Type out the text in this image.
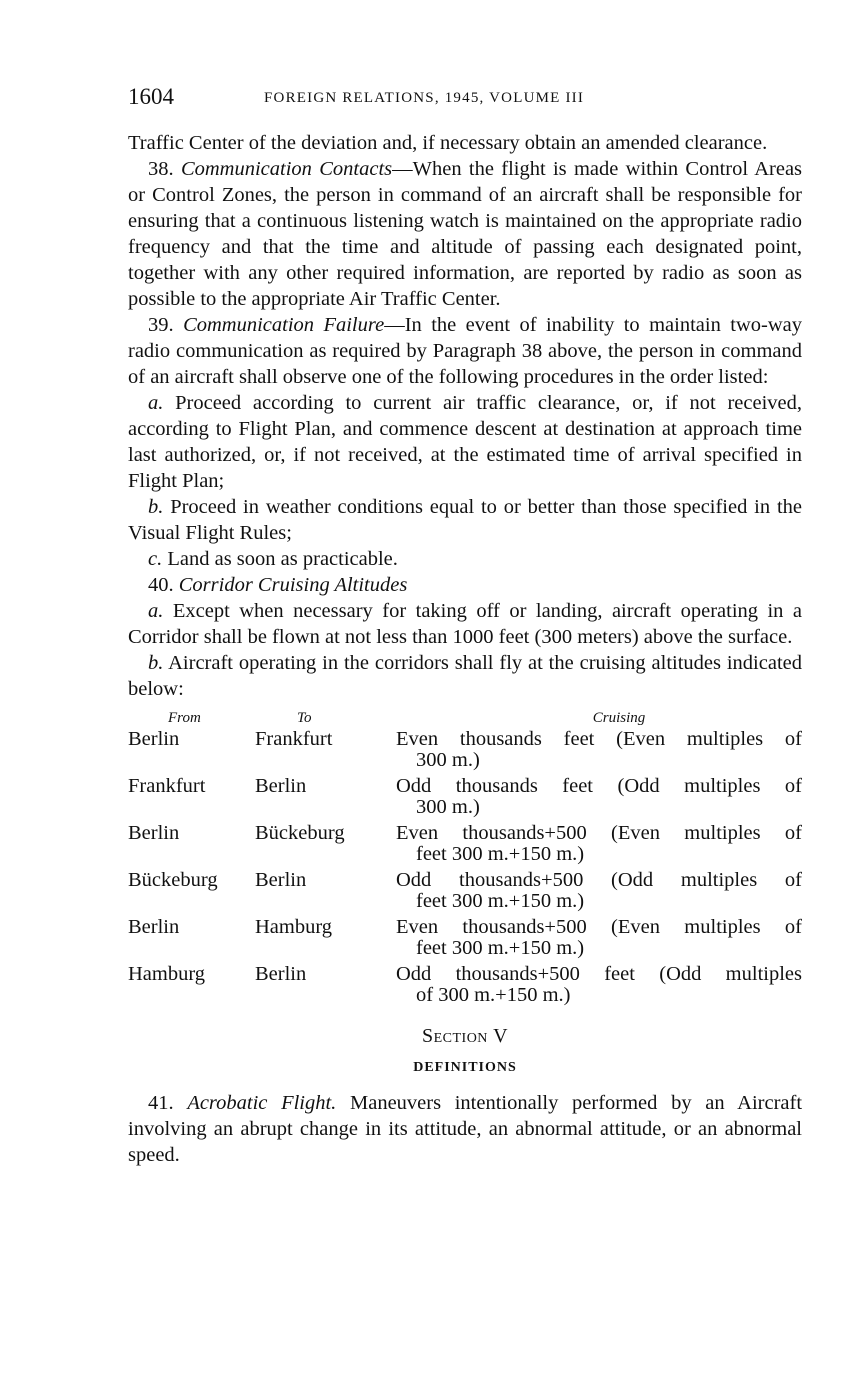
1604	FOREIGN RELATIONS, 1945, VOLUME III

Traffic Center of the deviation and, if necessary obtain an amended clearance.

38. Communication Contacts—When the flight is made within Control Areas or Control Zones, the person in command of an aircraft shall be responsible for ensuring that a continuous listening watch is maintained on the appropriate radio frequency and that the time and altitude of passing each designated point, together with any other required information, are reported by radio as soon as possible to the appropriate Air Traffic Center.

39. Communication Failure—In the event of inability to maintain two-way radio communication as required by Paragraph 38 above, the person in command of an aircraft shall observe one of the following procedures in the order listed:

a. Proceed according to current air traffic clearance, or, if not received, according to Flight Plan, and commence descent at destination at approach time last authorized, or, if not received, at the estimated time of arrival specified in Flight Plan;

b. Proceed in weather conditions equal to or better than those specified in the Visual Flight Rules;

c. Land as soon as practicable.

40. Corridor Cruising Altitudes

a. Except when necessary for taking off or landing, aircraft operating in a Corridor shall be flown at not less than 1000 feet (300 meters) above the surface.

b. Aircraft operating in the corridors shall fly at the cruising altitudes indicated below:

From	To	Cruising
Berlin	Frankfurt	Even thousands feet (Even multiples of
300 m.)

Frankfurt	Berlin	Odd thousands feet (Odd multiples of
300 m.)

Berlin	Bückeburg	Even thousands+500 (Even multiples of
feet 300 m.+150 m.)

Bückeburg	Berlin	Odd thousands+500 (Odd multiples of
feet 300 m.+150 m.)

Berlin	Hamburg	Even thousands+500 (Even multiples of
feet 300 m.+150 m.)

Hamburg	Berlin	Odd thousands+500 feet (Odd multiples
of 300 m.+150 m.)
Section V
DEFINITIONS

41. Acrobatic Flight. Maneuvers intentionally performed by an Aircraft involving an abrupt change in its attitude, an abnormal attitude, or an abnormal speed.
